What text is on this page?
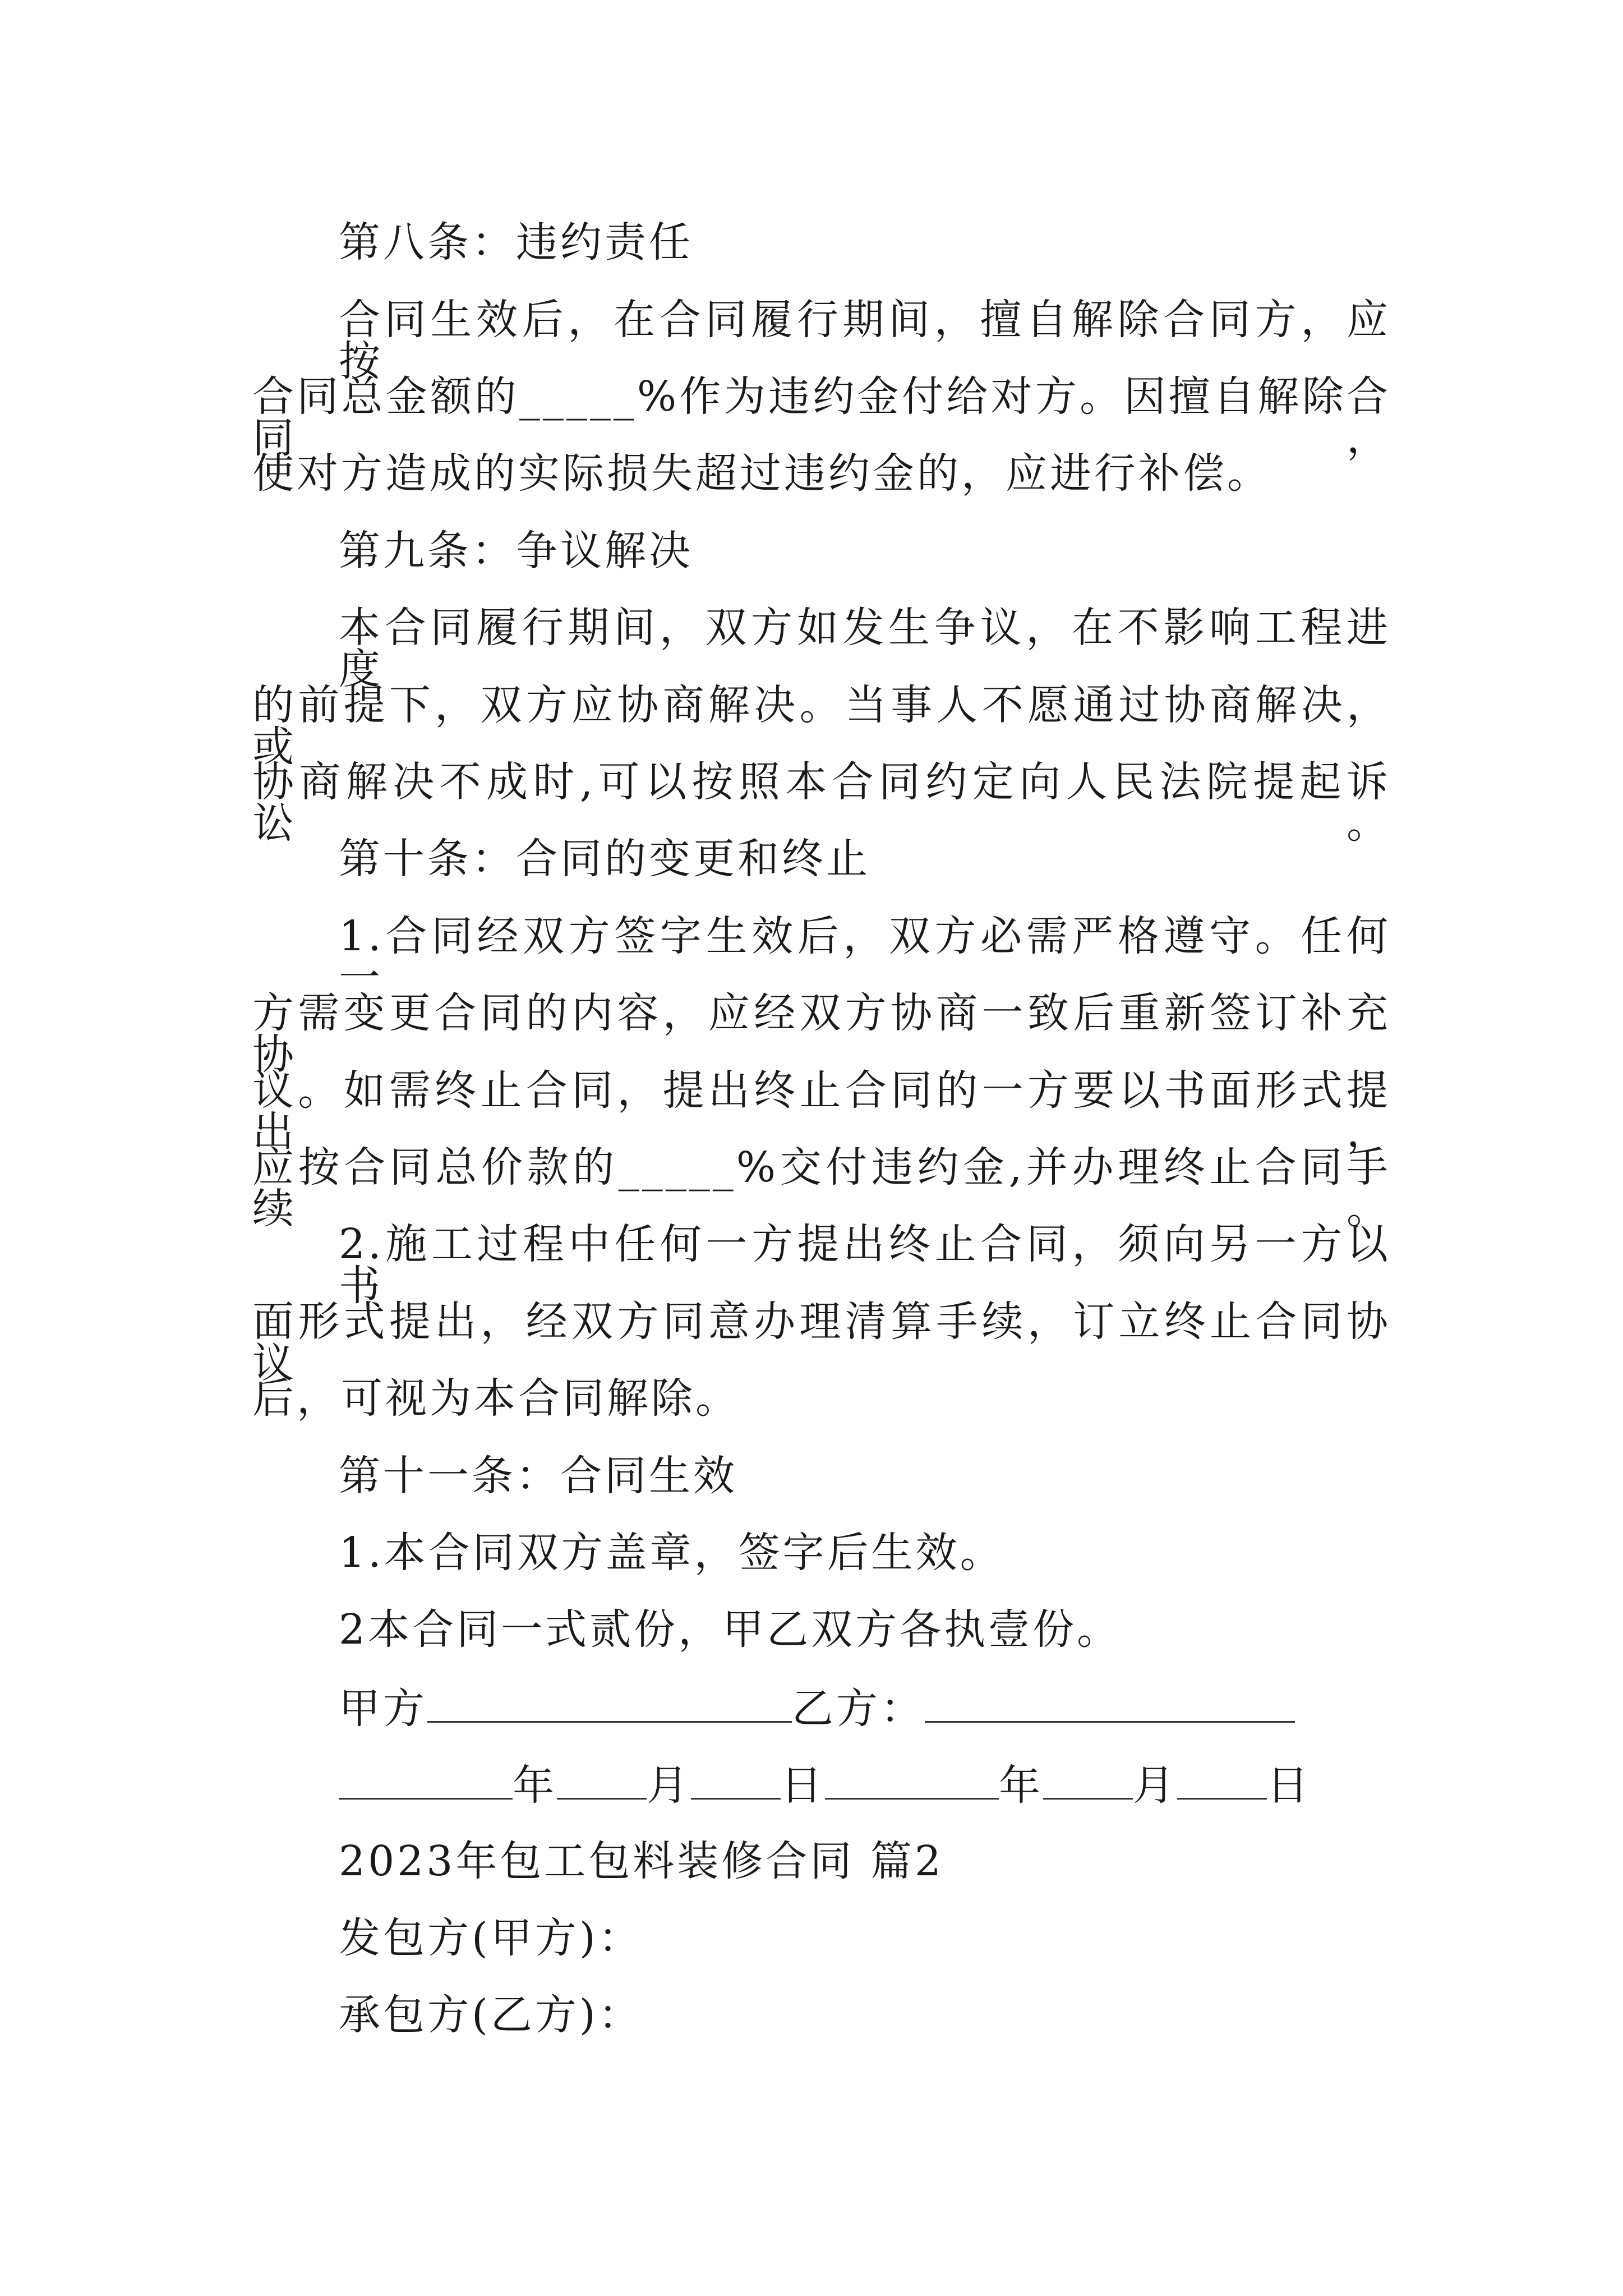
第八条：违约责任
合同生效后，在合同履行期间，擅自解除合同方，应按
合同总金额的_____%作为违约金付给对方。因擅自解除合同，
使对方造成的实际损失超过违约金的，应进行补偿。
第九条：争议解决
本合同履行期间，双方如发生争议，在不影响工程进度
的前提下，双方应协商解决。当事人不愿通过协商解决，或
协商解决不成时,可以按照本合同约定向人民法院提起诉讼。
第十条：合同的变更和终止
1.合同经双方签字生效后，双方必需严格遵守。任何一
方需变更合同的内容，应经双方协商一致后重新签订补充协
议。如需终止合同，提出终止合同的一方要以书面形式提出，
应按合同总价款的_____%交付违约金,并办理终止合同手续。
2.施工过程中任何一方提出终止合同，须向另一方以书
面形式提出，经双方同意办理清算手续，订立终止合同协议
后，可视为本合同解除。
第十一条：合同生效
1.本合同双方盖章，签字后生效。
2本合同一式贰份，甲乙双方各执壹份。
甲方	乙方：
年 月 日	年 月 日
2023年包工包料装修合同 篇2
发包方(甲方)：
承包方(乙方)：
